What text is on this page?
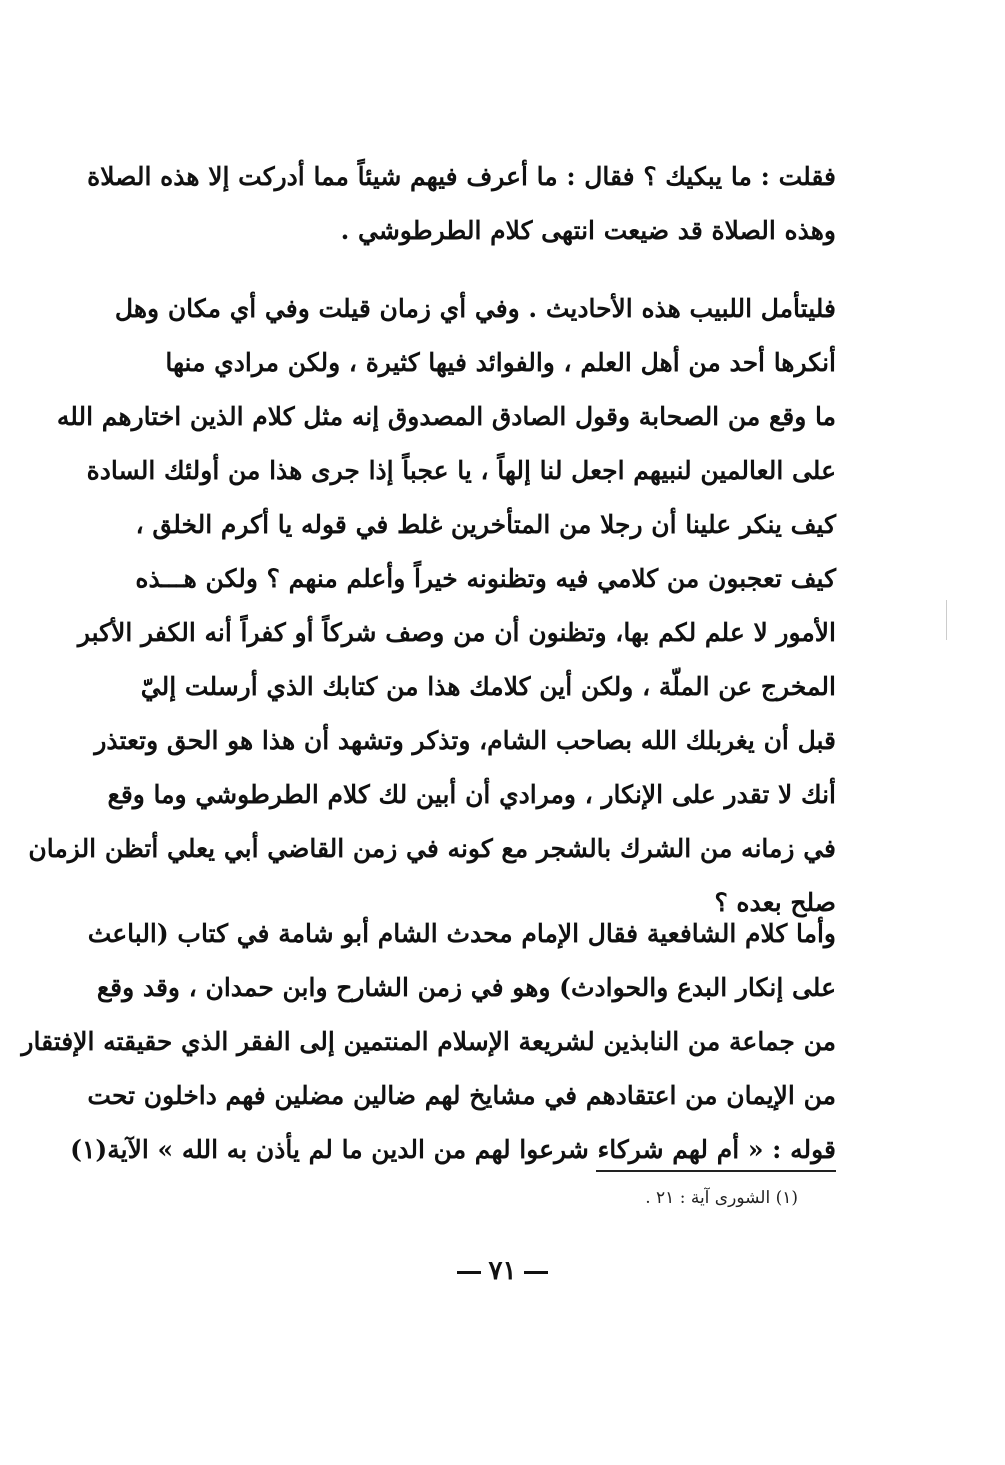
فقلت : ما يبكيك ؟ فقال : ما أعرف فيهم شيئاً مما أدركت إلا هذه الصلاة
وهذه الصلاة قد ضيعت انتهى كلام الطرطوشي .
فليتأمل اللبيب هذه الأحاديث . وفي أي زمان قيلت وفي أي مكان وهل
أنكرها أحد من أهل العلم ، والفوائد فيها كثيرة ، ولكن مرادي منها
ما وقع من الصحابة وقول الصادق المصدوق إنه مثل كلام الذين اختارهم الله
على العالمين لنبيهم اجعل لنا إلهاً ، يا عجباً إذا جرى هذا من أولئك السادة
كيف ينكر علينا أن رجلا من المتأخرين غلط في قوله يا أكرم الخلق ،
كيف تعجبون من كلامي فيه وتظنونه خيراً وأعلم منهم ؟ ولكن هـــذه
الأمور لا علم لكم بها، وتظنون أن من وصف شركاً أو كفراً أنه الكفر الأكبر
المخرج عن الملّة ، ولكن أين كلامك هذا من كتابك الذي أرسلت إليّ
قبل أن يغربلك الله بصاحب الشام، وتذكر وتشهد أن هذا هو الحق وتعتذر
أنك لا تقدر على الإنكار ، ومرادي أن أبين لك كلام الطرطوشي وما وقع
في زمانه من الشرك بالشجر مع كونه في زمن القاضي أبي يعلي أتظن الزمان
صلح بعده ؟
وأما كلام الشافعية فقال الإمام محدث الشام أبو شامة في كتاب (الباعث
على إنكار البدع والحوادث) وهو في زمن الشارح وابن حمدان ، وقد وقع
من جماعة من النابذين لشريعة الإسلام المنتمين إلى الفقر الذي حقيقته الإفتقار
من الإيمان من اعتقادهم في مشايخ لهم ضالين مضلين فهم داخلون تحت
قوله : « أم لهم شركاء شرعوا لهم من الدين ما لم يأذن به الله » الآية(١)
(١) الشورى آية : ٢١ .
٧١
